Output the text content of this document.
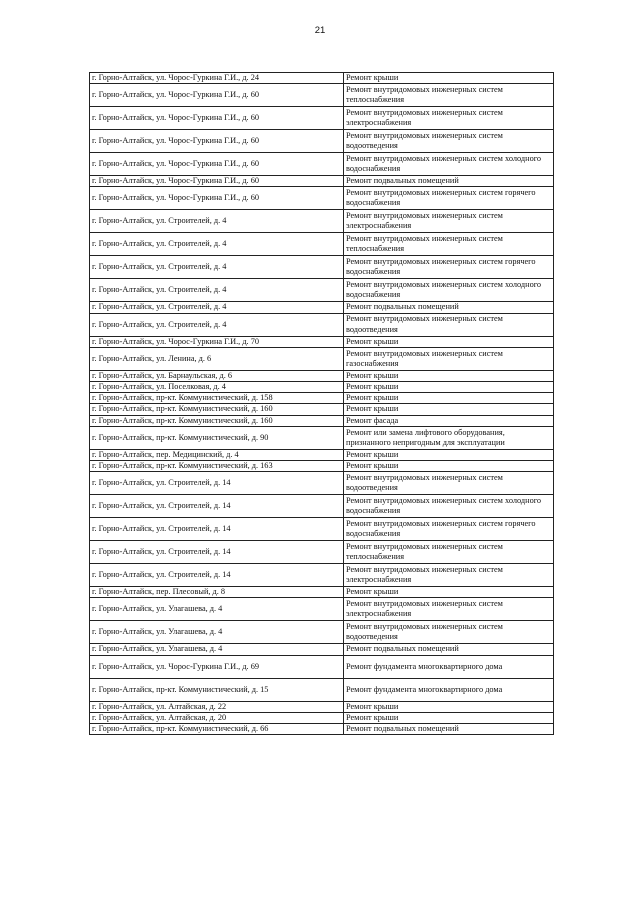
21
г. Горно-Алтайск, ул. Чорос-Гуркина Г.И., д. 24	Ремонт крыши
г. Горно-Алтайск, ул. Чорос-Гуркина Г.И., д. 60	Ремонт внутридомовых инженерных систем теплоснабжения
г. Горно-Алтайск, ул. Чорос-Гуркина Г.И., д. 60	Ремонт внутридомовых инженерных систем электроснабжения
г. Горно-Алтайск, ул. Чорос-Гуркина Г.И., д. 60	Ремонт внутридомовых инженерных систем водоотведения
г. Горно-Алтайск, ул. Чорос-Гуркина Г.И., д. 60	Ремонт внутридомовых инженерных систем холодного водоснабжения
г. Горно-Алтайск, ул. Чорос-Гуркина Г.И., д. 60	Ремонт подвальных помещений
г. Горно-Алтайск, ул. Чорос-Гуркина Г.И., д. 60	Ремонт внутридомовых инженерных систем горячего водоснабжения
г. Горно-Алтайск, ул. Строителей, д. 4	Ремонт внутридомовых инженерных систем электроснабжения
г. Горно-Алтайск, ул. Строителей, д. 4	Ремонт внутридомовых инженерных систем теплоснабжения
г. Горно-Алтайск, ул. Строителей, д. 4	Ремонт внутридомовых инженерных систем горячего водоснабжения
г. Горно-Алтайск, ул. Строителей, д. 4	Ремонт внутридомовых инженерных систем холодного водоснабжения
г. Горно-Алтайск, ул. Строителей, д. 4	Ремонт подвальных помещений
г. Горно-Алтайск, ул. Строителей, д. 4	Ремонт внутридомовых инженерных систем водоотведения
г. Горно-Алтайск, ул. Чорос-Гуркина Г.И., д. 70	Ремонт крыши
г. Горно-Алтайск, ул. Ленина, д. 6	Ремонт внутридомовых инженерных систем газоснабжения
г. Горно-Алтайск, ул. Барнаульская, д. 6	Ремонт крыши
г. Горно-Алтайск, ул. Поселковая, д. 4	Ремонт крыши
г. Горно-Алтайск, пр-кт. Коммунистический, д. 158	Ремонт крыши
г. Горно-Алтайск, пр-кт. Коммунистический, д. 160	Ремонт крыши
г. Горно-Алтайск, пр-кт. Коммунистический, д. 160	Ремонт фасада
г. Горно-Алтайск, пр-кт. Коммунистический, д. 90	Ремонт или замена лифтового оборудования, признанного непригодным для эксплуатации
г. Горно-Алтайск, пер. Медицинский, д. 4	Ремонт крыши
г. Горно-Алтайск, пр-кт. Коммунистический, д. 163	Ремонт крыши
г. Горно-Алтайск, ул. Строителей, д. 14	Ремонт внутридомовых инженерных систем водоотведения
г. Горно-Алтайск, ул. Строителей, д. 14	Ремонт внутридомовых инженерных систем холодного водоснабжения
г. Горно-Алтайск, ул. Строителей, д. 14	Ремонт внутридомовых инженерных систем горячего водоснабжения
г. Горно-Алтайск, ул. Строителей, д. 14	Ремонт внутридомовых инженерных систем теплоснабжения
г. Горно-Алтайск, ул. Строителей, д. 14	Ремонт внутридомовых инженерных систем электроснабжения
г. Горно-Алтайск, пер. Плесовый, д. 8	Ремонт крыши
г. Горно-Алтайск, ул. Улагашева, д. 4	Ремонт внутридомовых инженерных систем электроснабжения
г. Горно-Алтайск, ул. Улагашева, д. 4	Ремонт внутридомовых инженерных систем водоотведения
г. Горно-Алтайск, ул. Улагашева, д. 4	Ремонт подвальных помещений
г. Горно-Алтайск, ул. Чорос-Гуркина Г.И., д. 69	Ремонт фундамента многоквартирного дома
г. Горно-Алтайск, пр-кт. Коммунистический, д. 15	Ремонт фундамента многоквартирного дома
г. Горно-Алтайск, ул. Алтайская, д. 22	Ремонт крыши
г. Горно-Алтайск, ул. Алтайская, д. 20	Ремонт крыши
г. Горно-Алтайск, пр-кт. Коммунистический, д. 66	Ремонт подвальных помещений
